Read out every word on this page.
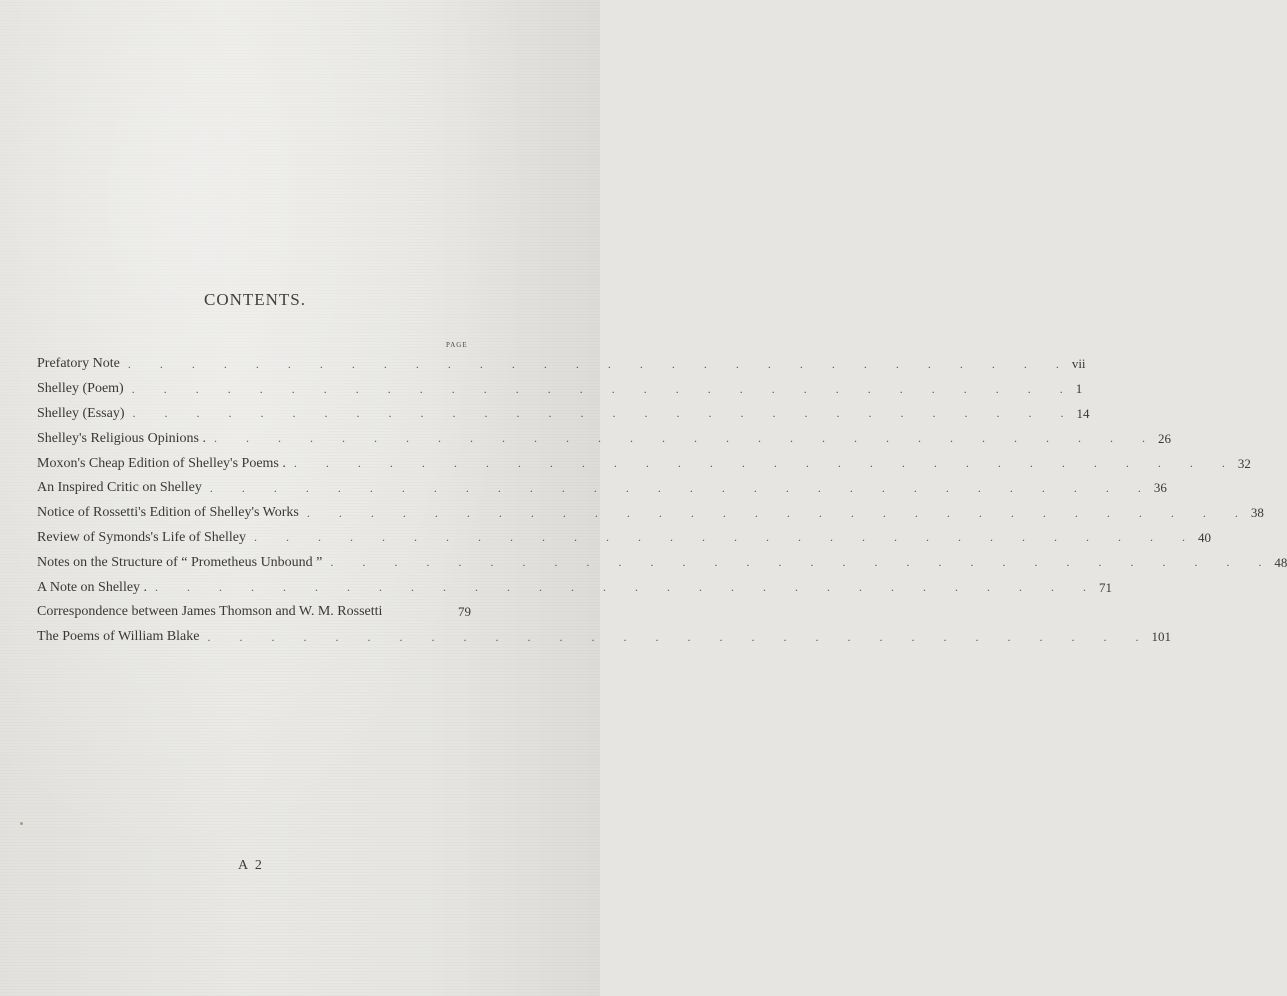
CONTENTS.
PAGE
Prefatory Note . . . . . . . . . . . . . . . . . . . . . . . . . . . . . . vii
Shelley (Poem) . . . . . . . . . . . . . . . . . . . . . . . . . . . . . . 1
Shelley (Essay) . . . . . . . . . . . . . . . . . . . . . . . . . . . . . . 14
Shelley's Religious Opinions . . . . . . . . . . . . . . . . . . . . . . . . . . . . . . . 26
Moxon's Cheap Edition of Shelley's Poems . . . . . . . . . . . . . . . . . . . . . . . . . . . . . . . 32
An Inspired Critic on Shelley . . . . . . . . . . . . . . . . . . . . . . . . . . . . . . 36
Notice of Rossetti's Edition of Shelley's Works . . . . . . . . . . . . . . . . . . . . . . . . . . . . . . 38
Review of Symonds's Life of Shelley . . . . . . . . . . . . . . . . . . . . . . . . . . . . . . 40
Notes on the Structure of “ Prometheus Unbound ” . . . . . . . . . . . . . . . . . . . . . . . . . . . . . . 48
A Note on Shelley . . . . . . . . . . . . . . . . . . . . . . . . . . . . . . . 71
Correspondence between James Thomson and W. M. Rossetti	79
The Poems of William Blake . . . . . . . . . . . . . . . . . . . . . . . . . . . . . . 101
A 2
